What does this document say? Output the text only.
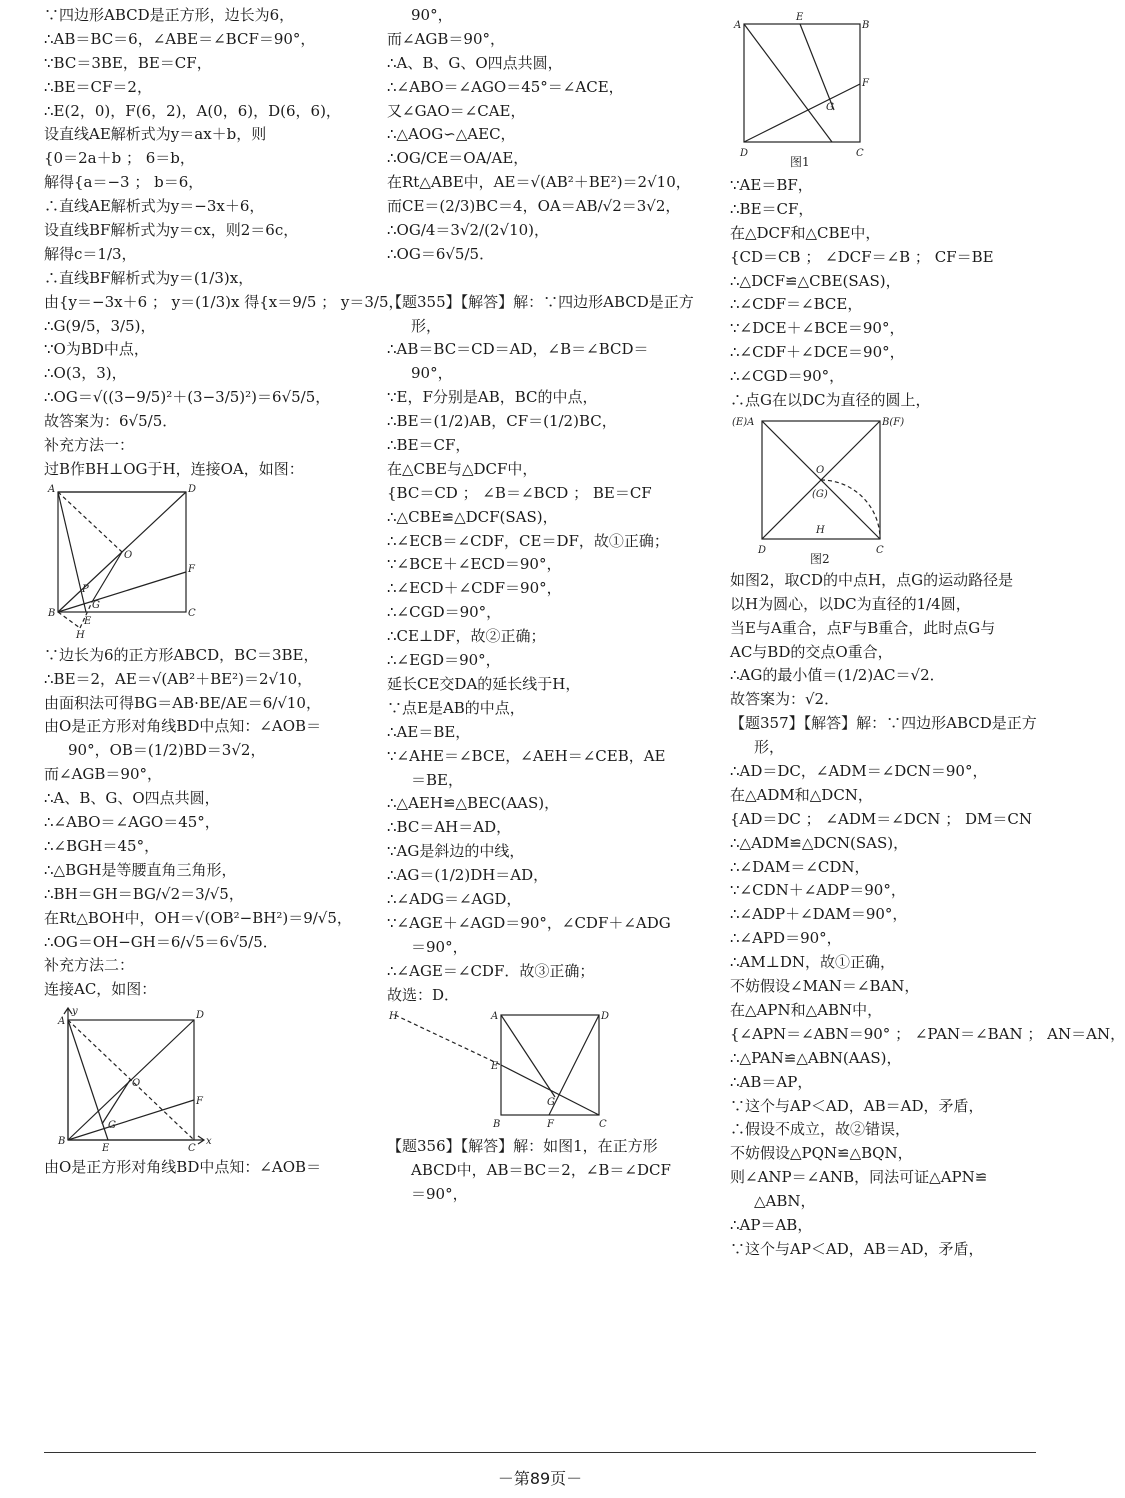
∵四边形ABCD是正方形，边长为6，
∴AB＝BC＝6，∠ABE＝∠BCF＝90°，
∵BC＝3BE，BE＝CF，
∴BE＝CF＝2，
∴E(2，0)，F(6，2)，A(0，6)，D(6，6)，
设直线AE解析式为y＝ax＋b，则
{0＝2a＋b ； 6＝b，
解得{a＝−3 ； b＝6，
∴直线AE解析式为y＝−3x＋6，
设直线BF解析式为y＝cx，则2＝6c，
解得c＝1/3，
∴直线BF解析式为y＝(1/3)x，
由{y＝−3x＋6 ； y＝(1/3)x 得{x＝9/5 ； y＝3/5，
∴G(9/5，3/5)，
∵O为BD中点，
∴O(3，3)，
∴OG＝√((3−9/5)²＋(3−3/5)²)＝6√5/5，
故答案为：6√5/5．
补充方法一：
过B作BH⊥OG于H，连接OA，如图：
A	D
O
P
G
F
B
E
C
H
∵边长为6的正方形ABCD，BC＝3BE，
∴BE＝2，AE＝√(AB²＋BE²)＝2√10，
由面积法可得BG＝AB·BE/AE＝6/√10，
由O是正方形对角线BD中点知：∠AOB＝
90°，OB＝(1/2)BD＝3√2，
而∠AGB＝90°，
∴A、B、G、O四点共圆，
∴∠ABO＝∠AGO＝45°，
∴∠BGH＝45°，
∴△BGH是等腰直角三角形，
∴BH＝GH＝BG/√2＝3/√5，
在Rt△BOH中，OH＝√(OB²−BH²)＝9/√5，
∴OG＝OH−GH＝6/√5＝6√5/5．
补充方法二：
连接AC，如图：
y
A
D
O
F
G
B
E	C
x
由O是正方形对角线BD中点知：∠AOB＝
90°，
而∠AGB＝90°，
∴A、B、G、O四点共圆，
∴∠ABO＝∠AGO＝45°＝∠ACE，
又∠GAO＝∠CAE，
∴△AOG∽△AEC，
∴OG/CE＝OA/AE，
在Rt△ABE中，AE＝√(AB²＋BE²)＝2√10，
而CE＝(2/3)BC＝4，OA＝AB/√2＝3√2，
∴OG/4＝3√2/(2√10)，
∴OG＝6√5/5．
【题355】【解答】解：∵四边形ABCD是正方
形，
∴AB＝BC＝CD＝AD，∠B＝∠BCD＝
90°，
∵E，F分别是AB，BC的中点，
∴BE＝(1/2)AB，CF＝(1/2)BC，
∴BE＝CF，
在△CBE与△DCF中，
{BC＝CD ； ∠B＝∠BCD ； BE＝CF
∴△CBE≌△DCF(SAS)，
∴∠ECB＝∠CDF，CE＝DF，故①正确；
∵∠BCE＋∠ECD＝90°，
∴∠ECD＋∠CDF＝90°，
∴∠CGD＝90°，
∴CE⊥DF，故②正确；
∴∠EGD＝90°，
延长CE交DA的延长线于H，
∵点E是AB的中点，
∴AE＝BE，
∵∠AHE＝∠BCE，∠AEH＝∠CEB，AE
＝BE，
∴△AEH≌△BEC(AAS)，
∴BC＝AH＝AD，
∵AG是斜边的中线，
∴AG＝(1/2)DH＝AD，
∴∠ADG＝∠AGD，
∵∠AGE＋∠AGD＝90°，∠CDF＋∠ADG
＝90°，
∴∠AGE＝∠CDF．故③正确；
故选：D．
H	A	D
E
G
B	F	C
【题356】【解答】解：如图1，在正方形
ABCD中，AB＝BC＝2，∠B＝∠DCF
＝90°，
A
E
B
F
G
D	C
图1
∵AE＝BF，
∴BE＝CF，
在△DCF和△CBE中，
{CD＝CB ； ∠DCF＝∠B ； CF＝BE
∴△DCF≌△CBE(SAS)，
∴∠CDF＝∠BCE，
∵∠DCE＋∠BCE＝90°，
∴∠CDF＋∠DCE＝90°，
∴∠CGD＝90°，
∴点G在以DC为直径的圆上，
(E)A	B(F)
O
(G)
H
D	C
图2
如图2，取CD的中点H，点G的运动路径是
以H为圆心，以DC为直径的1/4圆，
当E与A重合，点F与B重合，此时点G与
AC与BD的交点O重合，
∴AG的最小值＝(1/2)AC＝√2．
故答案为：√2．
【题357】【解答】解：∵四边形ABCD是正方
形，
∴AD＝DC，∠ADM＝∠DCN＝90°，
在△ADM和△DCN，
{AD＝DC ； ∠ADM＝∠DCN ； DM＝CN
∴△ADM≌△DCN(SAS)，
∴∠DAM＝∠CDN，
∵∠CDN＋∠ADP＝90°，
∴∠ADP＋∠DAM＝90°，
∴∠APD＝90°，
∴AM⊥DN，故①正确，
不妨假设∠MAN＝∠BAN，
在△APN和△ABN中，
{∠APN＝∠ABN＝90° ； ∠PAN＝∠BAN ； AN＝AN，
∴△PAN≌△ABN(AAS)，
∴AB＝AP，
∵这个与AP＜AD，AB＝AD，矛盾，
∴假设不成立，故②错误，
不妨假设△PQN≌△BQN，
则∠ANP＝∠ANB，同法可证△APN≌
△ABN，
∴AP＝AB，
∵这个与AP＜AD，AB＝AD，矛盾，
－第89页－
